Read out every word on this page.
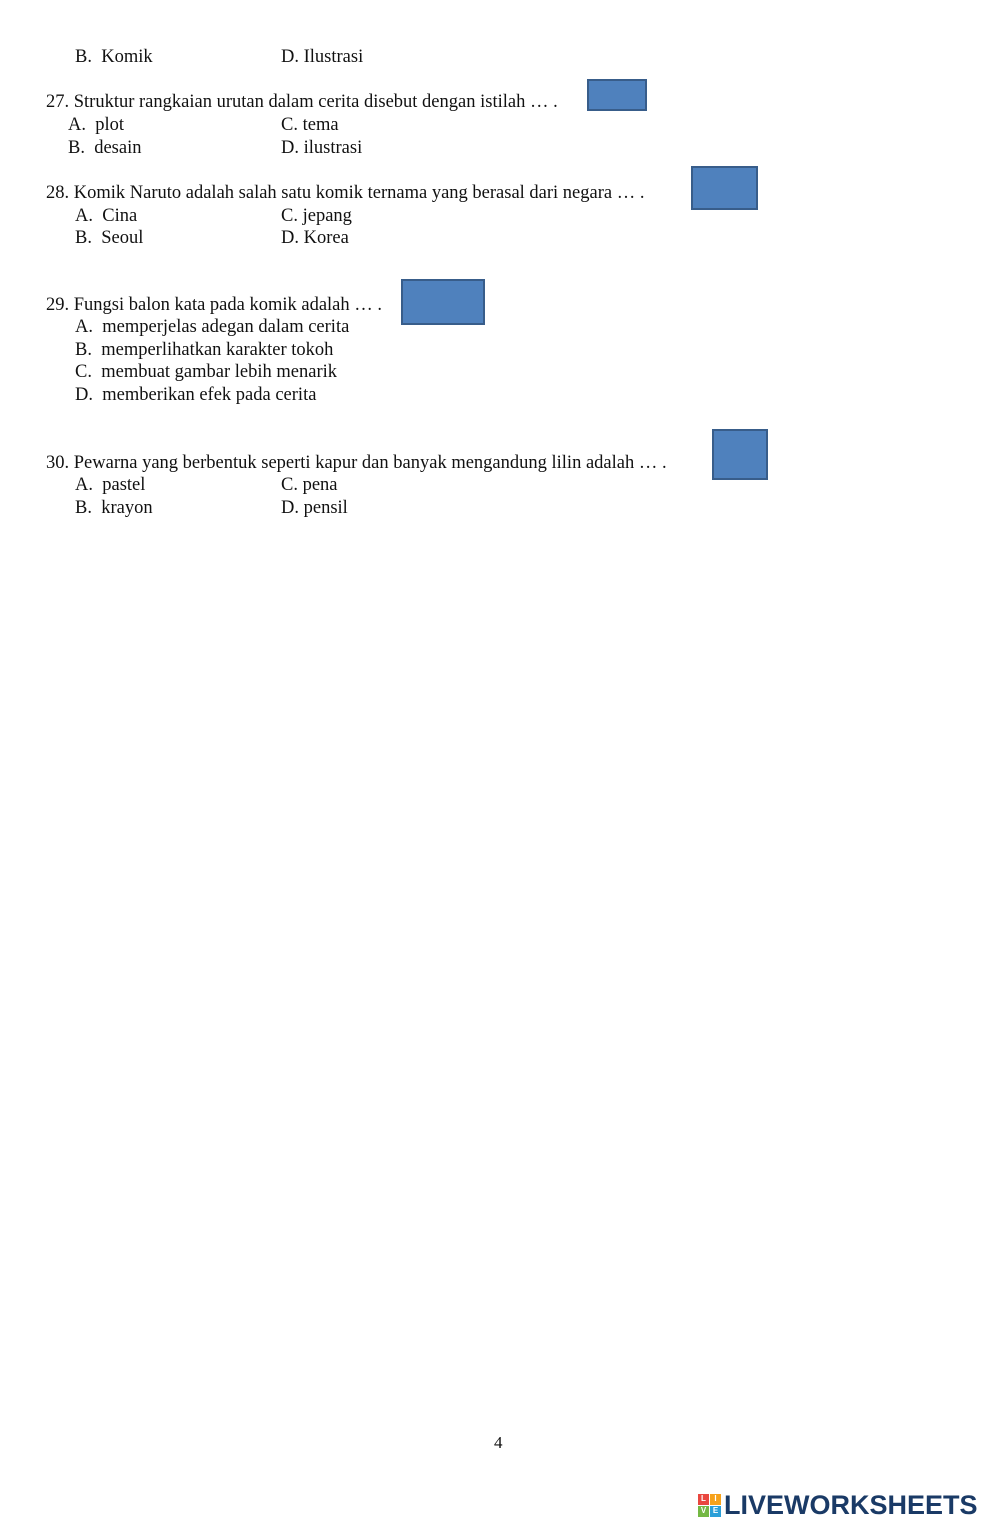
B. Komik	D. Ilustrasi
27. Struktur rangkaian urutan dalam cerita disebut dengan istilah … .
A. plot	C. tema
B. desain	D. ilustrasi
28. Komik Naruto adalah salah satu komik ternama yang berasal dari negara … .
A. Cina	C. jepang
B. Seoul	D. Korea
29. Fungsi balon kata pada komik adalah … .
A. memperjelas adegan dalam cerita
B. memperlihatkan karakter tokoh
C. membuat gambar lebih menarik
D. memberikan efek pada cerita
30. Pewarna yang berbentuk seperti kapur dan banyak mengandung lilin adalah … .
A. pastel	C. pena
B. krayon	D. pensil
4
L	I
V E LIVEWORKSHEETS
